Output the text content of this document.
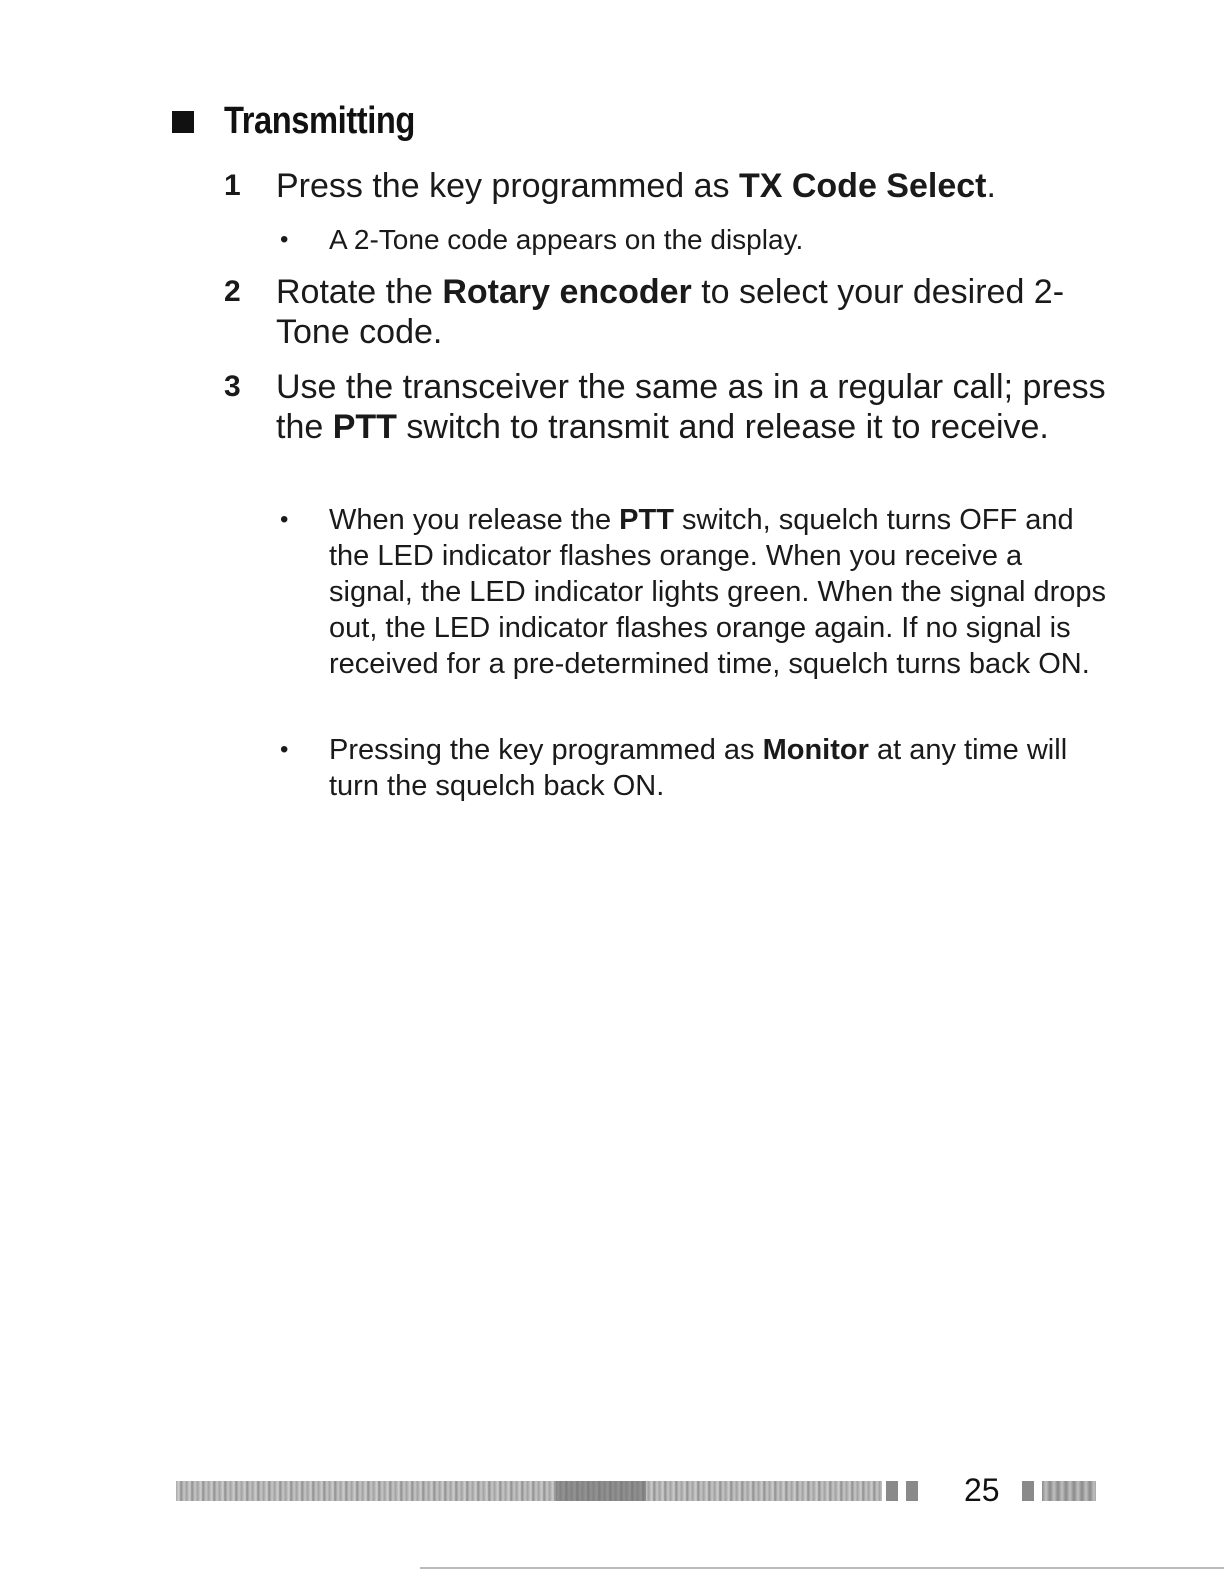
Transmitting
1 Press the key programmed as TX Code Select.
• A 2-Tone code appears on the display.
2 Rotate the Rotary encoder to select your desired 2-Tone code.
3 Use the transceiver the same as in a regular call; press the PTT switch to transmit and release it to receive.
• When you release the PTT switch, squelch turns OFF and the LED indicator flashes orange. When you receive a signal, the LED indicator lights green. When the signal drops out, the LED indicator flashes orange again. If no signal is received for a pre-determined time, squelch turns back ON.
• Pressing the key programmed as Monitor at any time will turn the squelch back ON.
25
